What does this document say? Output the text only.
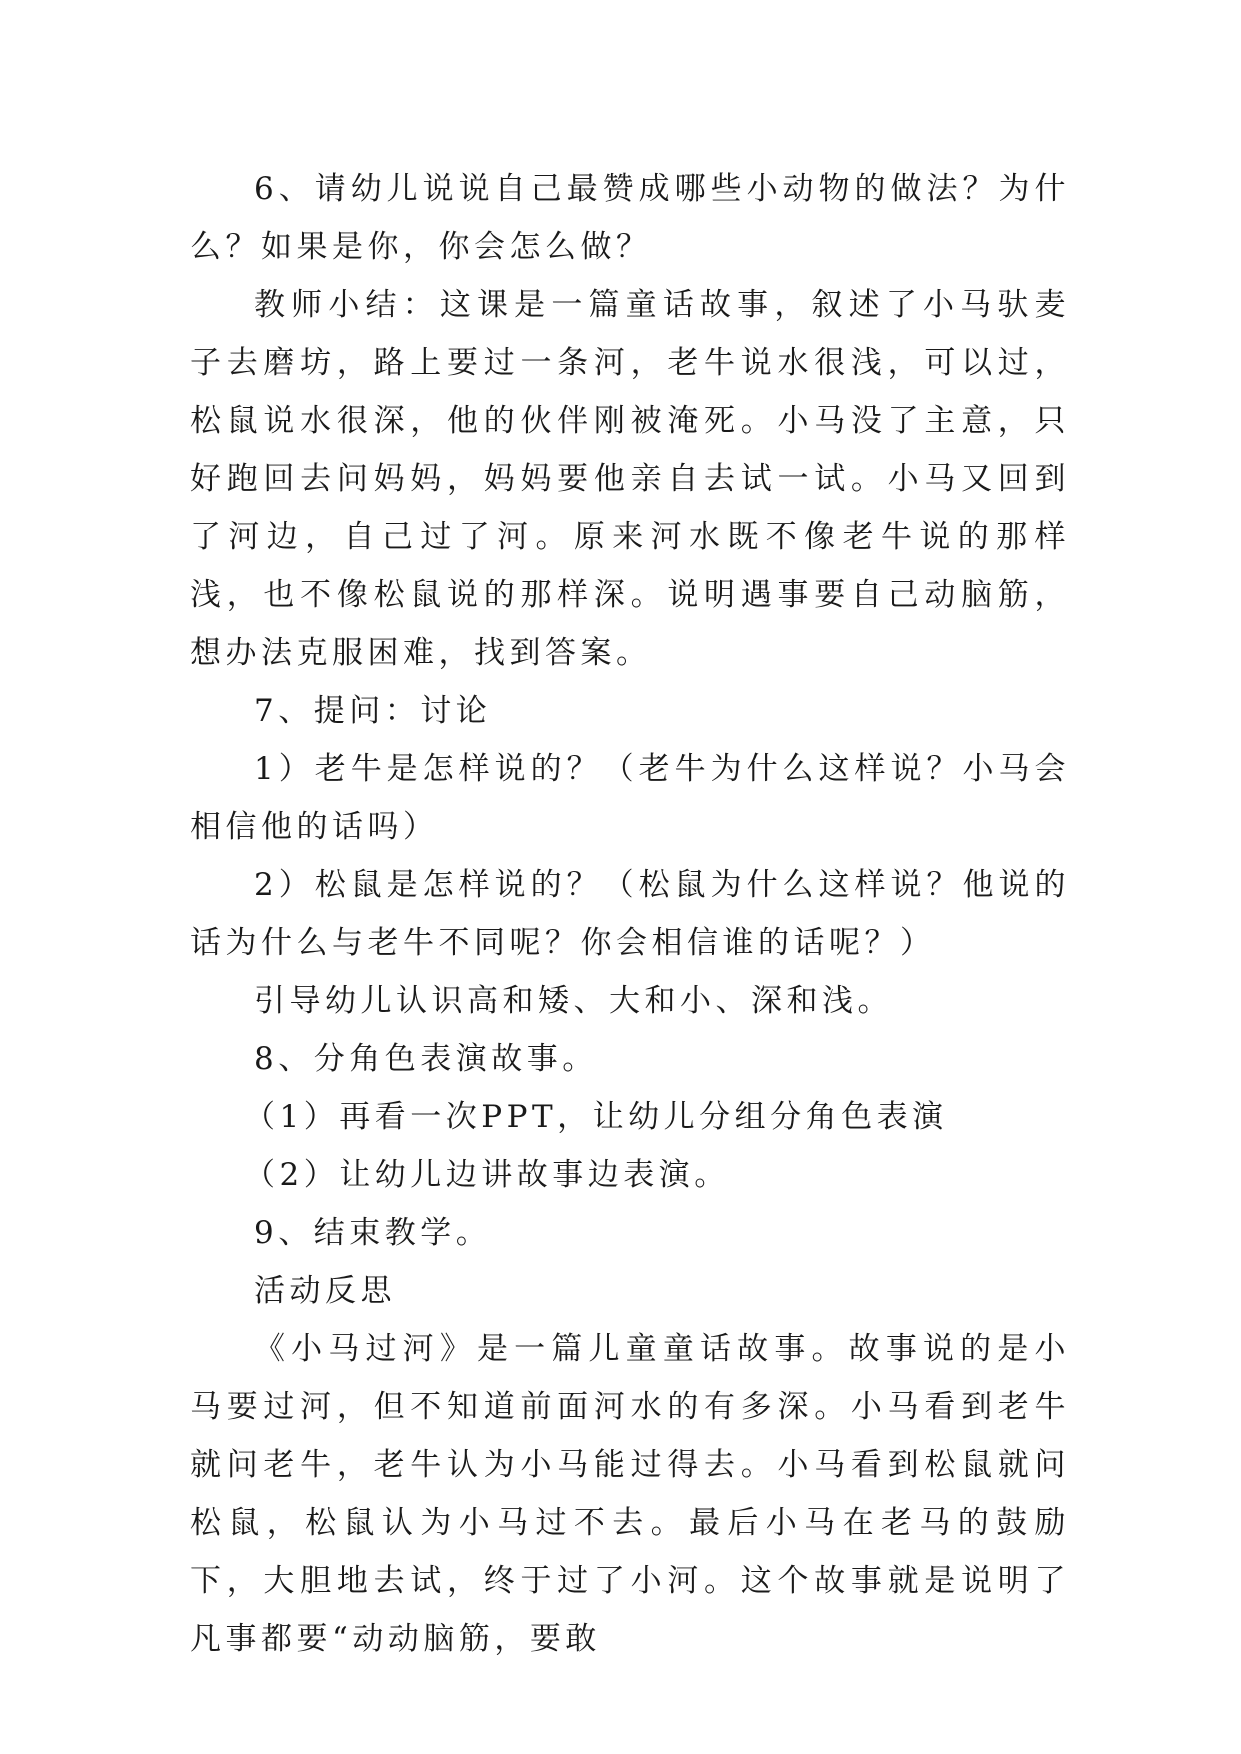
6、请幼儿说说自己最赞成哪些小动物的做法？为什么？如果是你，你会怎么做？

教师小结：这课是一篇童话故事，叙述了小马驮麦子去磨坊，路上要过一条河，老牛说水很浅，可以过，松鼠说水很深，他的伙伴刚被淹死。小马没了主意，只好跑回去问妈妈，妈妈要他亲自去试一试。小马又回到了河边，自己过了河。原来河水既不像老牛说的那样浅，也不像松鼠说的那样深。说明遇事要自己动脑筋，想办法克服困难，找到答案。

7、提问：讨论

1）老牛是怎样说的？（老牛为什么这样说？小马会相信他的话吗）

2）松鼠是怎样说的？（松鼠为什么这样说？他说的话为什么与老牛不同呢？你会相信谁的话呢？）

引导幼儿认识高和矮、大和小、深和浅。

8、分角色表演故事。

（1）再看一次PPT，让幼儿分组分角色表演

（2）让幼儿边讲故事边表演。

9、结束教学。

活动反思

《小马过河》是一篇儿童童话故事。故事说的是小马要过河，但不知道前面河水的有多深。小马看到老牛就问老牛，老牛认为小马能过得去。小马看到松鼠就问松鼠，松鼠认为小马过不去。最后小马在老马的鼓励下，大胆地去试，终于过了小河。这个故事就是说明了凡事都要“动动脑筋，要敢
